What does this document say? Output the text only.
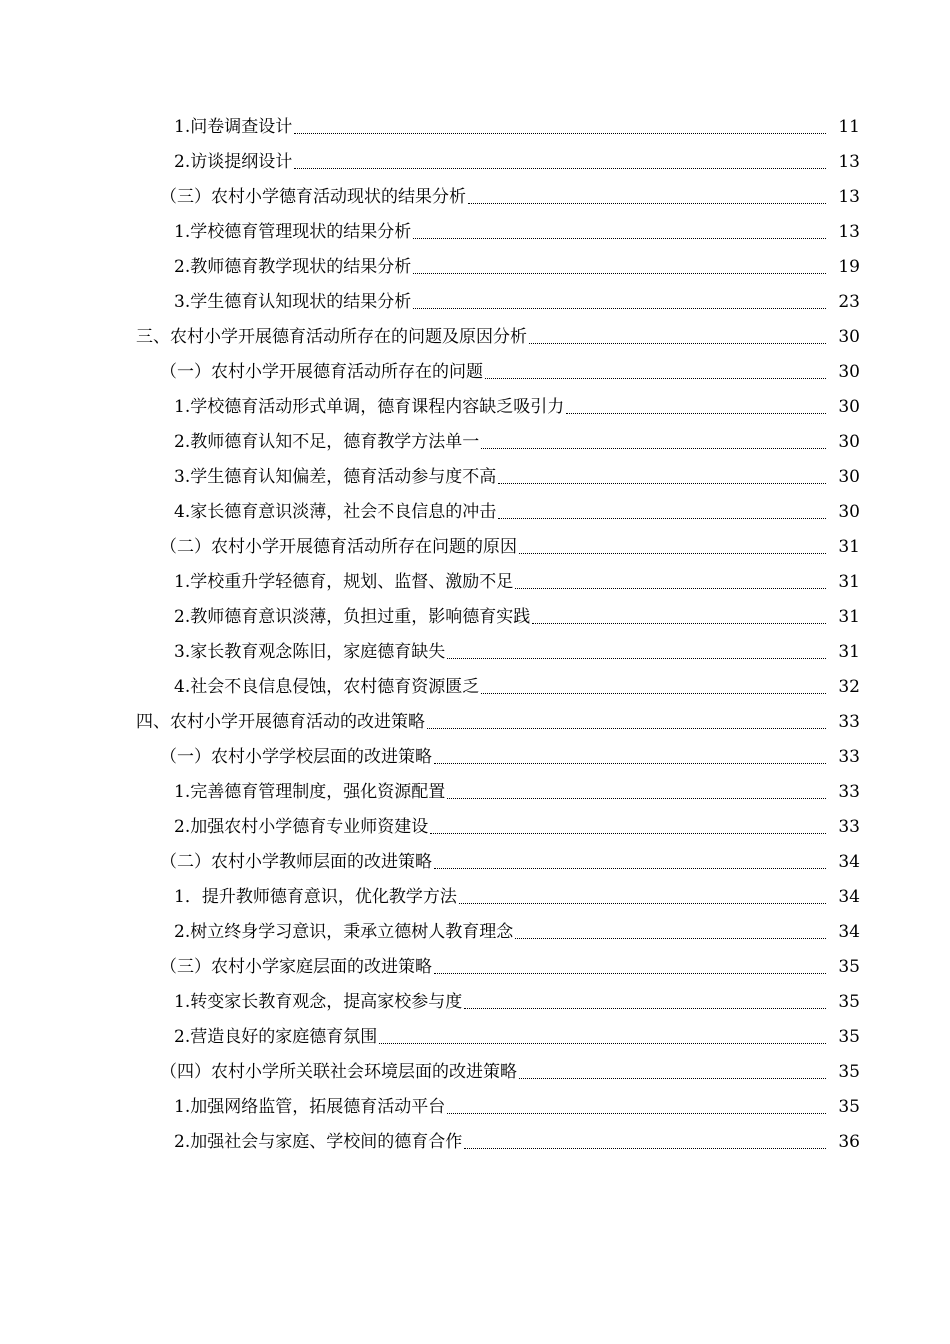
1.问卷调查设计	11
2.访谈提纲设计	13
（三）农村小学德育活动现状的结果分析	13
1.学校德育管理现状的结果分析	13
2.教师德育教学现状的结果分析	19
3.学生德育认知现状的结果分析	23
三、农村小学开展德育活动所存在的问题及原因分析	30
（一）农村小学开展德育活动所存在的问题	30
1.学校德育活动形式单调，德育课程内容缺乏吸引力	30
2.教师德育认知不足，德育教学方法单一	30
3.学生德育认知偏差，德育活动参与度不高	30
4.家长德育意识淡薄，社会不良信息的冲击	30
（二）农村小学开展德育活动所存在问题的原因	31
1.学校重升学轻德育，规划、监督、激励不足	31
2.教师德育意识淡薄，负担过重，影响德育实践	31
3.家长教育观念陈旧，家庭德育缺失	31
4.社会不良信息侵蚀，农村德育资源匮乏	32
四、农村小学开展德育活动的改进策略	33
（一）农村小学学校层面的改进策略	33
1.完善德育管理制度，强化资源配置	33
2.加强农村小学德育专业师资建设	33
（二）农村小学教师层面的改进策略	34
1．提升教师德育意识，优化教学方法	34
2.树立终身学习意识，秉承立德树人教育理念	34
（三）农村小学家庭层面的改进策略	35
1.转变家长教育观念，提高家校参与度	35
2.营造良好的家庭德育氛围	35
（四）农村小学所关联社会环境层面的改进策略	35
1.加强网络监管，拓展德育活动平台	35
2.加强社会与家庭、学校间的德育合作	36
